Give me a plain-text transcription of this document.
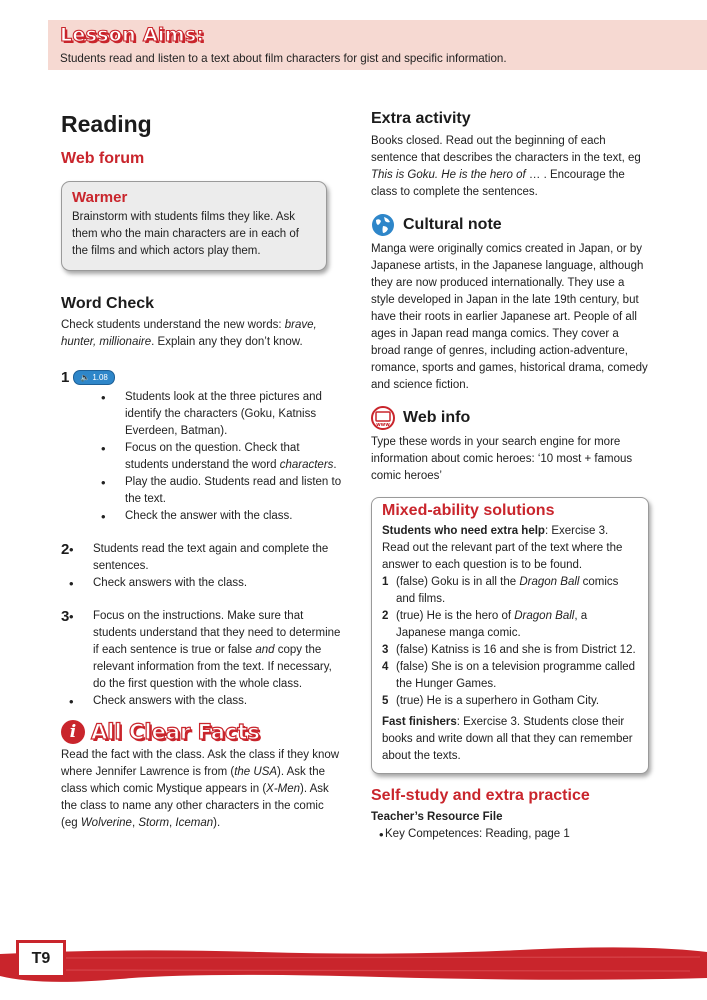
Lesson Aims:
Students read and listen to a text about film characters for gist and specific information.
Reading
Web forum
Warmer

Brainstorm with students films they like. Ask them who the main characters are in each of the films and which actors play them.

Word Check

Check students understand the new words: brave, hunter, millionaire. Explain any they don’t know.

1 🔈 1.08
• Students look at the three pictures and identify the characters (Goku, Katniss Everdeen, Batman).
• Focus on the question. Check that students understand the word characters.
• Play the audio. Students read and listen to the text.
• Check the answer with the class.
2	• Students read the text again and complete the sentences.
• Check answers with the class.
3	• Focus on the instructions. Make sure that students understand that they need to determine if each sentence is true or false and copy the relevant information from the text. If necessary, do the first question with the whole class.
• Check answers with the class.
i All Clear Facts

Read the fact with the class. Ask the class if they know where Jennifer Lawrence is from (the USA). Ask the class which comic Mystique appears in (X-Men). Ask the class to name any other characters in the comic (eg Wolverine, Storm, Iceman).

Extra activity

Books closed. Read out the beginning of each sentence that describes the characters in the text, eg This is Goku. He is the hero of … . Encourage the class to complete the sentences.

Cultural note

Manga were originally comics created in Japan, or by Japanese artists, in the Japanese language, although they are now produced internationally. They use a style developed in Japan in the late 19th century, but have their roots in earlier Japanese art. People of all ages in Japan read manga comics. They cover a broad range of genres, including action-adventure, romance, sports and games, historical drama, comedy and science fiction.

www Web info

Type these words in your search engine for more information about comic heroes: ‘10 most + famous comic heroes’

Mixed-ability solutions

Students who need extra help: Exercise 3.

Read out the relevant part of the text where the answer to each question is to be found.

1 (false) Goku is in all the Dragon Ball comics and films.
2 (true) He is the hero of Dragon Ball, a Japanese manga comic.
3 (false) Katniss is 16 and she is from District 12.
4 (false) She is on a television programme called the Hunger Games.
5 (true) He is a superhero in Gotham City.

Fast finishers: Exercise 3. Students close their books and write down all that they can remember about the texts.

Self-study and extra practice

Teacher’s Resource File

• Key Competences: Reading, page 1
T9
